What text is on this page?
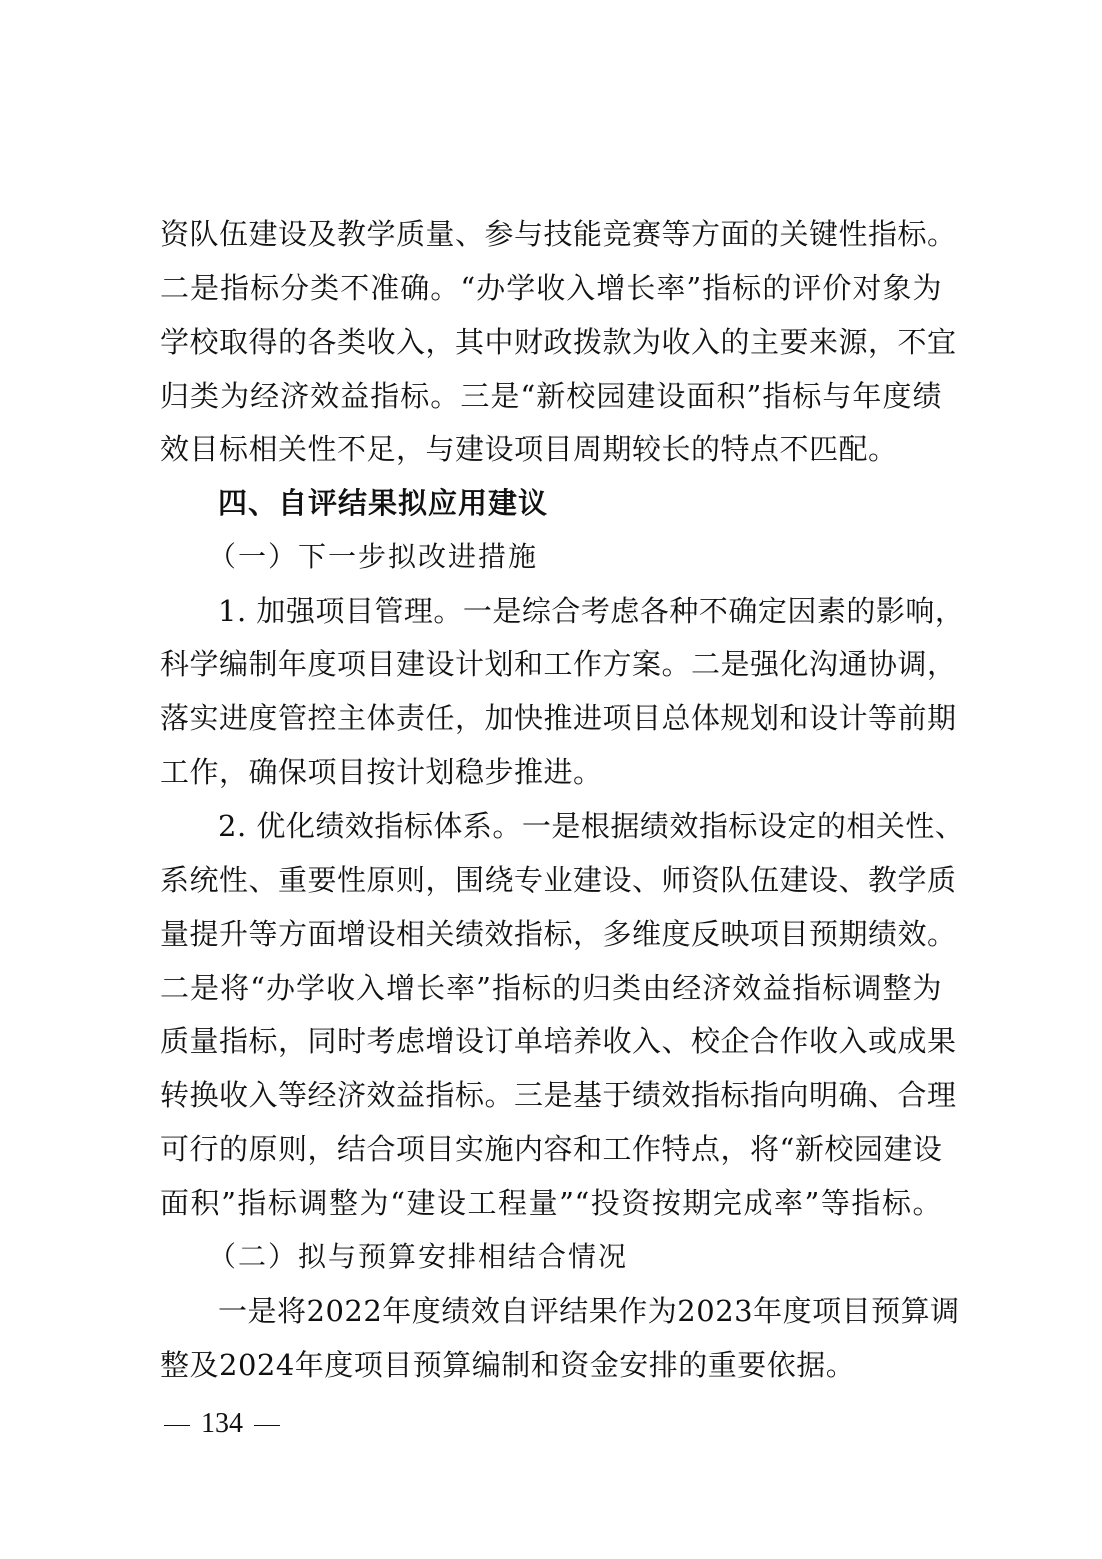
资队伍建设及教学质量、参与技能竞赛等方面的关键性指标。
二是指标分类不准确。“办学收入增长率”指标的评价对象为
学校取得的各类收入，其中财政拨款为收入的主要来源，不宜
归类为经济效益指标。三是“新校园建设面积”指标与年度绩
效目标相关性不足，与建设项目周期较长的特点不匹配。
四、自评结果拟应用建议
（一）下一步拟改进措施
1. 加强项目管理。一是综合考虑各种不确定因素的影响，
科学编制年度项目建设计划和工作方案。二是强化沟通协调，
落实进度管控主体责任，加快推进项目总体规划和设计等前期
工作，确保项目按计划稳步推进。
2. 优化绩效指标体系。一是根据绩效指标设定的相关性、
系统性、重要性原则，围绕专业建设、师资队伍建设、教学质
量提升等方面增设相关绩效指标，多维度反映项目预期绩效。
二是将“办学收入增长率”指标的归类由经济效益指标调整为
质量指标，同时考虑增设订单培养收入、校企合作收入或成果
转换收入等经济效益指标。三是基于绩效指标指向明确、合理
可行的原则，结合项目实施内容和工作特点，将“新校园建设
面积”指标调整为“建设工程量”“投资按期完成率”等指标。
（二）拟与预算安排相结合情况
一是将2022年度绩效自评结果作为2023年度项目预算调
整及2024年度项目预算编制和资金安排的重要依据。
134
